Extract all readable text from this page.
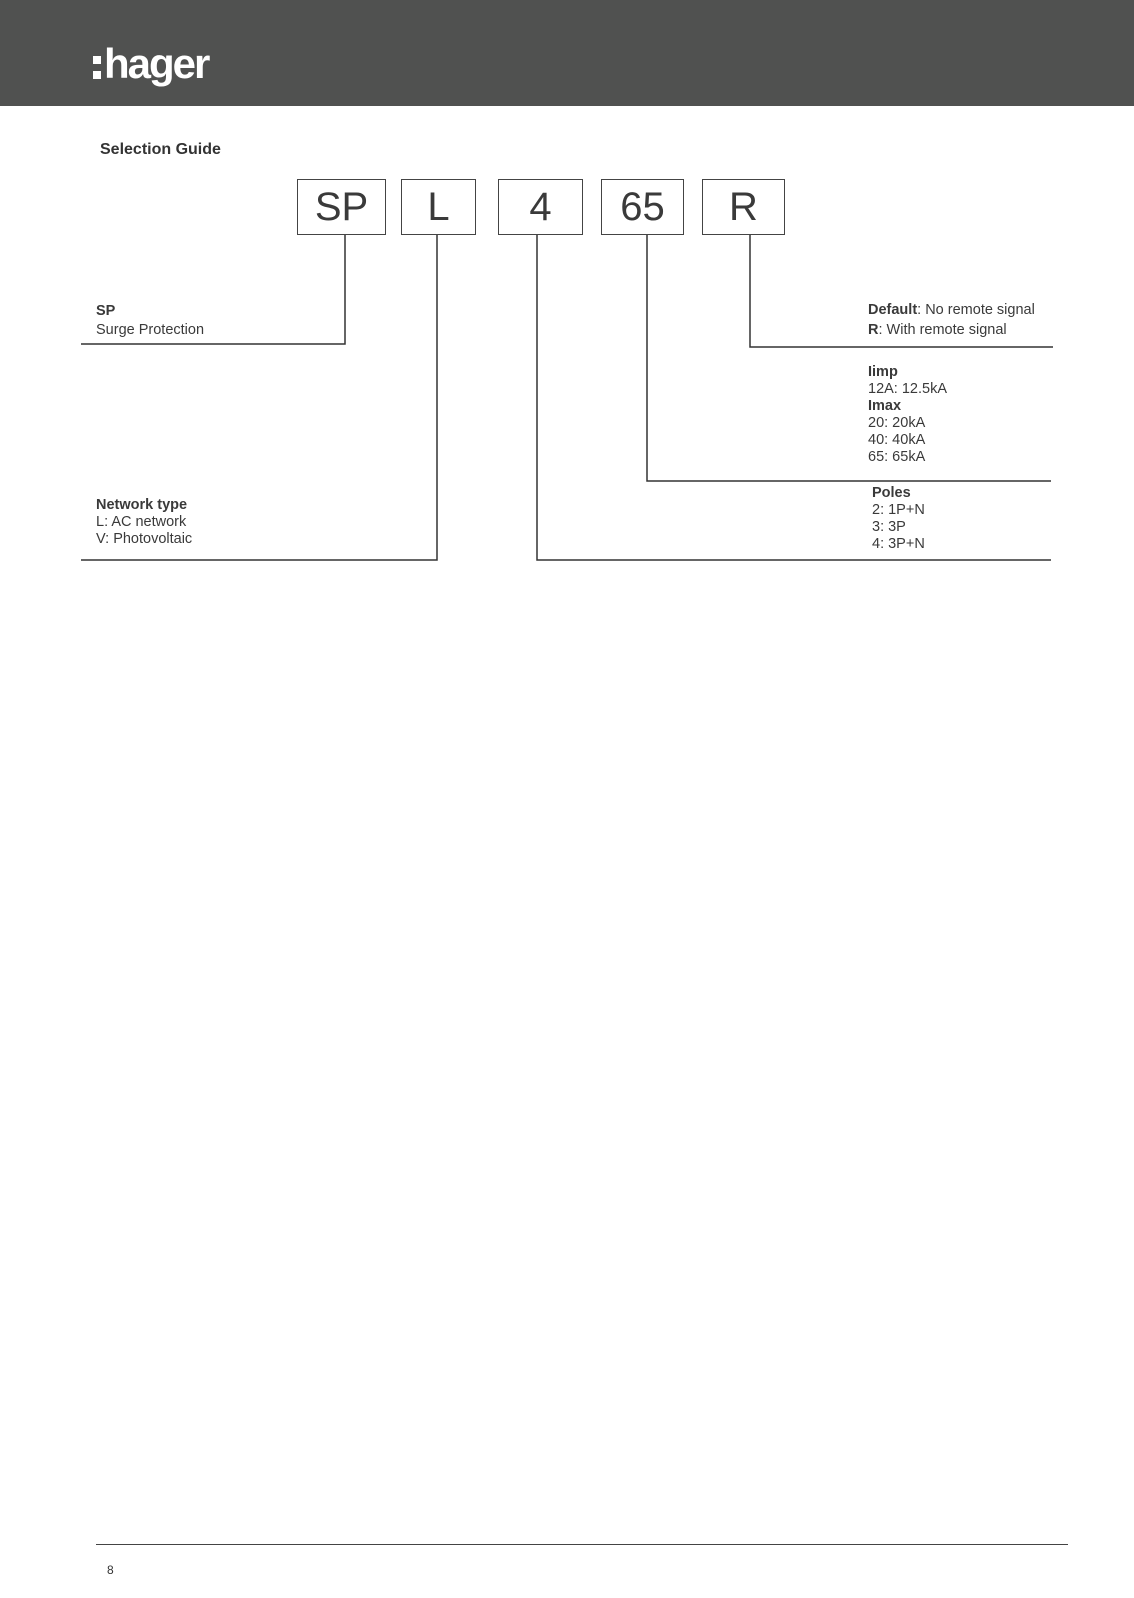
hager
Selection Guide
SP	L	4	65	R
SP
Surge Protection
Network type
L: AC network
V: Photovoltaic
Default: No remote signal
R: With remote signal
Iimp
12A: 12.5kA
Imax
20: 20kA
40: 40kA
65: 65kA
Poles
2: 1P+N
3: 3P
4: 3P+N
8
